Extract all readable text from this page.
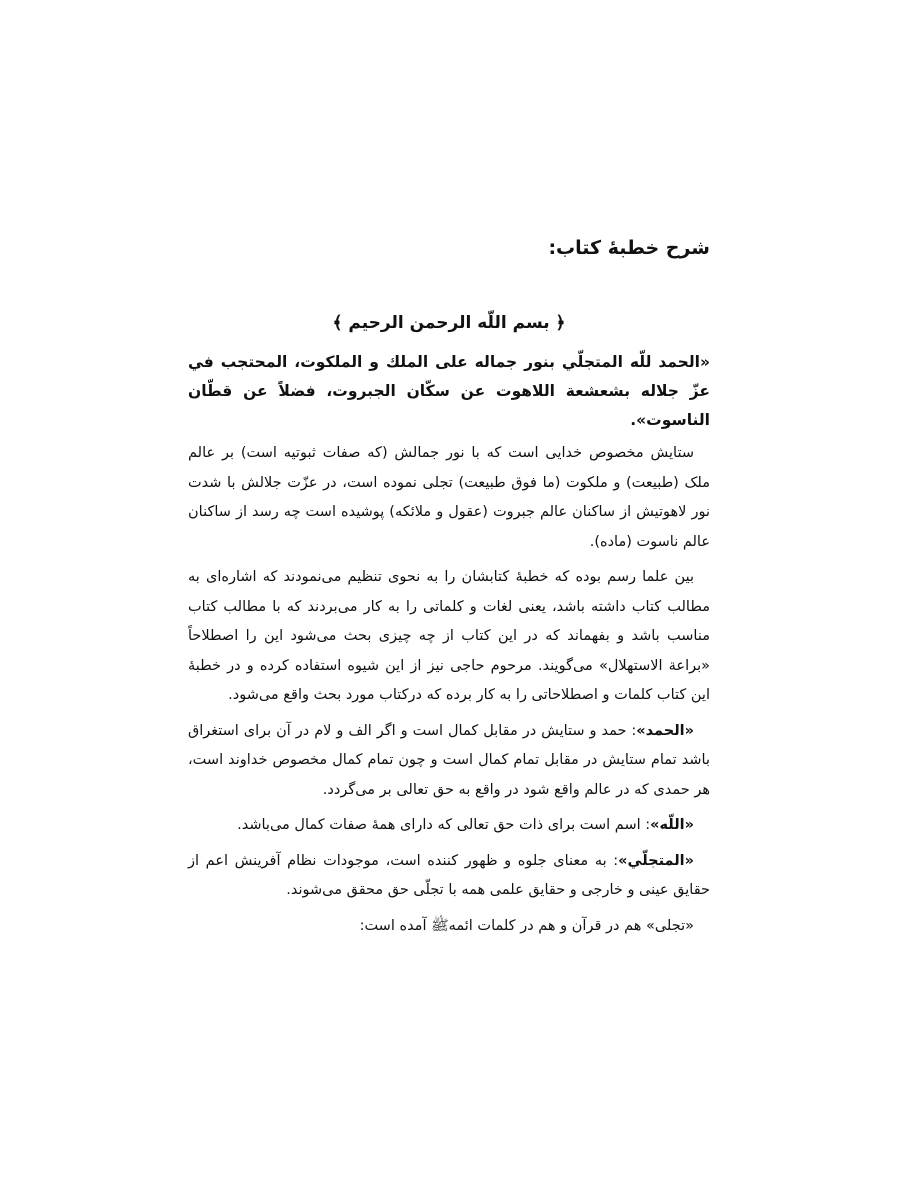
شرح خطبهٔ کتاب:
﴿ بسم اللّه الرحمن الرحیم ﴾

«الحمد للّه المتجلّي بنور جماله علی الملك و الملكوت، المحتجب في عزّ جلاله بشعشعة اللاهوت عن سكّان الجبروت، فضلاً عن قطّان الناسوت».

ستایش مخصوص خدایی است که با نور جمالش (که صفات ثبوتیه است) بر عالم ملک (طبیعت) و ملکوت (ما فوق طبیعت) تجلی نموده است، در عزّت جلالش با شدت نور لاهوتیش از ساکنان عالم جبروت (عقول و ملائکه) پوشیده است چه رسد از ساکنان عالم ناسوت (ماده).

بین علما رسم بوده که خطبهٔ کتابشان را به نحوی تنظیم می‌نمودند که اشاره‌ای به مطالب کتاب داشته باشد، یعنی لغات و کلماتی را به کار می‌بردند که با مطالب کتاب مناسب باشد و بفهماند که در این کتاب از چه چیزی بحث می‌شود این را اصطلاحاً «براعة الاستهلال» می‌گویند. مرحوم حاجی نیز از این شیوه استفاده کرده و در خطبهٔ این کتاب کلمات و اصطلاحاتی را به کار برده که درکتاب مورد بحث واقع می‌شود.

«الحمد»: حمد و ستایش در مقابل کمال است و اگر الف و لام در آن برای استغراق باشد تمام ستایش در مقابل تمام کمال است و چون تمام کمال مخصوص خداوند است، هر حمدی که در عالم واقع شود در واقع به حق تعالی بر می‌گردد.

«اللّه»: اسم است برای ذات حق تعالی که دارای همهٔ صفات کمال می‌باشد.

«المتجلّي»: به معنای جلوه و ظهور کننده است، موجودات نظام آفرینش اعم از حقایق عینی و خارجی و حقایق علمی همه با تجلّی حق محقق می‌شوند.

«تجلی» هم در قرآن و هم در کلمات ائمه‌ﷺ آمده است:
